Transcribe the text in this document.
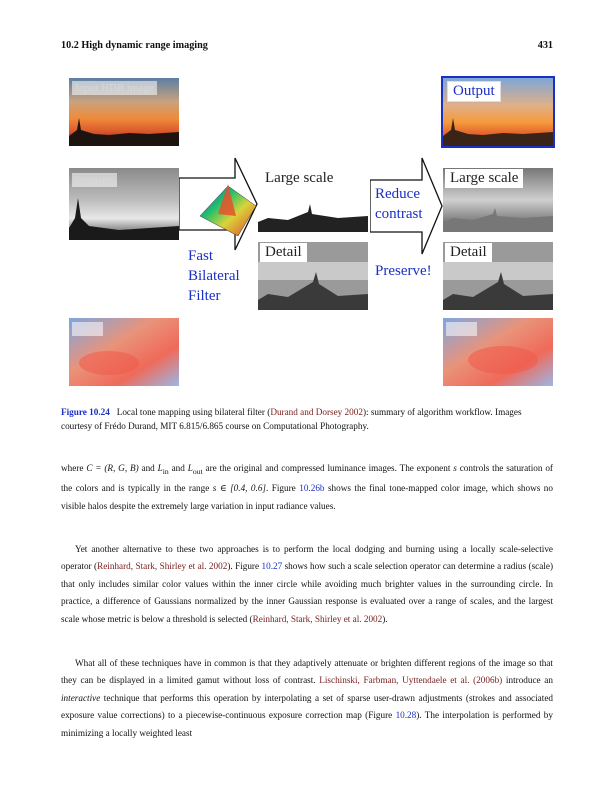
10.2 High dynamic range imaging	431
Input HDR image	Output
Intensity	Large scale
Reduce
contrast
Large scale
Fast
Bilateral
Filter
Detail
Preserve!
Detail
Color	Color
Figure 10.24 Local tone mapping using bilateral filter (Durand and Dorsey 2002): summary of algorithm workflow. Images courtesy of Frédo Durand, MIT 6.815/6.865 course on Computational Photography.

where C = (R, G, B) and $L_{in}$ and $L_{out}$ are the original and compressed luminance images. The exponent s controls the saturation of the colors and is typically in the range s ∈ [0.4, 0.6]. Figure 10.26b shows the final tone-mapped color image, which shows no visible halos despite the extremely large variation in input radiance values.

Yet another alternative to these two approaches is to perform the local dodging and burning using a locally scale-selective operator (Reinhard, Stark, Shirley et al. 2002). Figure 10.27 shows how such a scale selection operator can determine a radius (scale) that only includes similar color values within the inner circle while avoiding much brighter values in the surrounding circle. In practice, a difference of Gaussians normalized by the inner Gaussian response is evaluated over a range of scales, and the largest scale whose metric is below a threshold is selected (Reinhard, Stark, Shirley et al. 2002).

What all of these techniques have in common is that they adaptively attenuate or brighten different regions of the image so that they can be displayed in a limited gamut without loss of contrast. Lischinski, Farbman, Uyttendaele et al. (2006b) introduce an interactive technique that performs this operation by interpolating a set of sparse user-drawn adjustments (strokes and associated exposure value corrections) to a piecewise-continuous exposure correction map (Figure 10.28). The interpolation is performed by minimizing a locally weighted least
